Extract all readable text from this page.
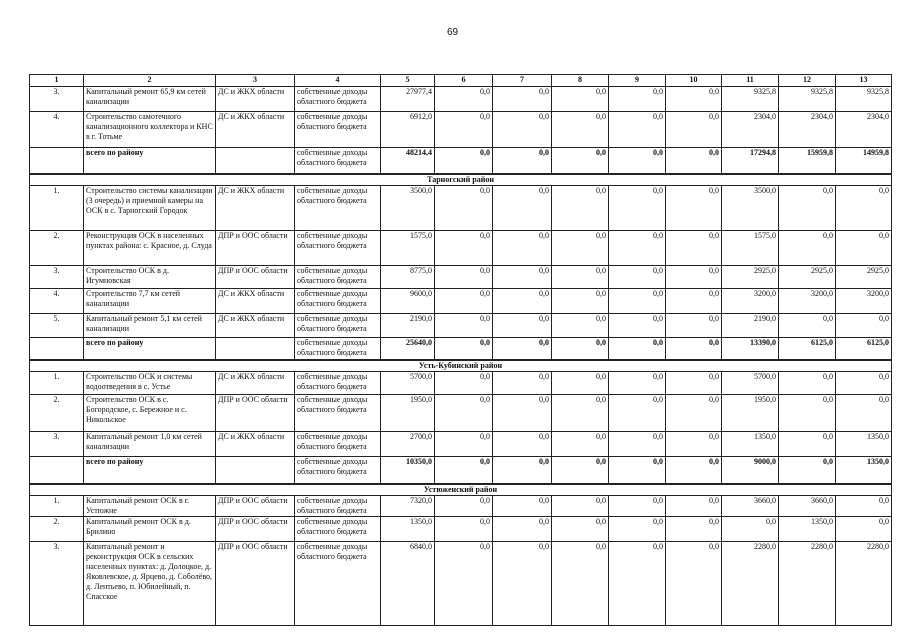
69
1	2	3	4	5	6	7	8	9	10	11	12	13
3.	Капитальный ремонт 65,9 км сетей канализации	ДС и ЖКХ области	собственные доходы областного бюджета	27977,4	0,0	0,0	0,0	0,0	0,0	9325,8	9325,8	9325,8
4.	Строительство самотечного канализационного коллектора и КНС в г. Тотьме	ДС и ЖКХ области	собственные доходы областного бюджета	6912,0	0,0	0,0	0,0	0,0	0,0	2304,0	2304,0	2304,0
	всего по району		собственные доходы областного бюджета	48214,4	0,0	0,0	0,0	0,0	0,0	17294,8	15959,8	14959,8
Тарногский район												
1.	Строительство системы канализации (3 очередь) и приемной камеры на ОСК в с. Тарногский Городок	ДС и ЖКХ области	собственные доходы областного бюджета	3500,0	0,0	0,0	0,0	0,0	0,0	3500,0	0,0	0,0
2.	Реконструкция ОСК в населенных пунктах района: с. Красное, д. Слуда	ДПР и ООС области	собственные доходы областного бюджета	1575,0	0,0	0,0	0,0	0,0	0,0	1575,0	0,0	0,0
3.	Строительство ОСК в д. Игумновская	ДПР и ООС области	собственные доходы областного бюджета	8775,0	0,0	0,0	0,0	0,0	0,0	2925,0	2925,0	2925,0
4.	Строительство 7,7 км сетей канализации	ДС и ЖКХ области	собственные доходы областного бюджета	9600,0	0,0	0,0	0,0	0,0	0,0	3200,0	3200,0	3200,0
5.	Капитальный ремонт 5,1 км сетей канализации	ДС и ЖКХ области	собственные доходы областного бюджета	2190,0	0,0	0,0	0,0	0,0	0,0	2190,0	0,0	0,0
	всего по району		собственные доходы областного бюджета	25640,0	0,0	0,0	0,0	0,0	0,0	13390,0	6125,0	6125,0
Усть-Кубинский район												
1.	Строительство ОСК и системы водоотведения в с. Устье	ДС и ЖКХ области	собственные доходы областного бюджета	5700,0	0,0	0,0	0,0	0,0	0,0	5700,0	0,0	0,0
2.	Строительство ОСК в с. Богородское, с. Бережное и с. Никольское	ДПР и ООС области	собственные доходы областного бюджета	1950,0	0,0	0,0	0,0	0,0	0,0	1950,0	0,0	0,0
3.	Капитальный ремонт 1,0 км сетей канализации	ДС и ЖКХ области	собственные доходы областного бюджета	2700,0	0,0	0,0	0,0	0,0	0,0	1350,0	0,0	1350,0
	всего по району		собственные доходы областного бюджета	10350,0	0,0	0,0	0,0	0,0	0,0	9000,0	0,0	1350,0
Устюженский район												
1.	Капитальный ремонт ОСК в г. Устюжне	ДПР и ООС области	собственные доходы областного бюджета	7320,0	0,0	0,0	0,0	0,0	0,0	3660,0	3660,0	0,0
2.	Капитальный ремонт ОСК в д. Брилино	ДПР и ООС области	собственные доходы областного бюджета	1350,0	0,0	0,0	0,0	0,0	0,0	0,0	1350,0	0,0
3.	Капитальный ремонт и реконструкция ОСК в сельских населенных пунктах: д. Долоцкое, д. Яковлевское, д. Ярцево, д. Соболёво, д. Лентьево, п. Юбилейный, п. Спасское	ДПР и ООС области	собственные доходы областного бюджета	6840,0	0,0	0,0	0,0	0,0	0,0	2280,0	2280,0	2280,0
